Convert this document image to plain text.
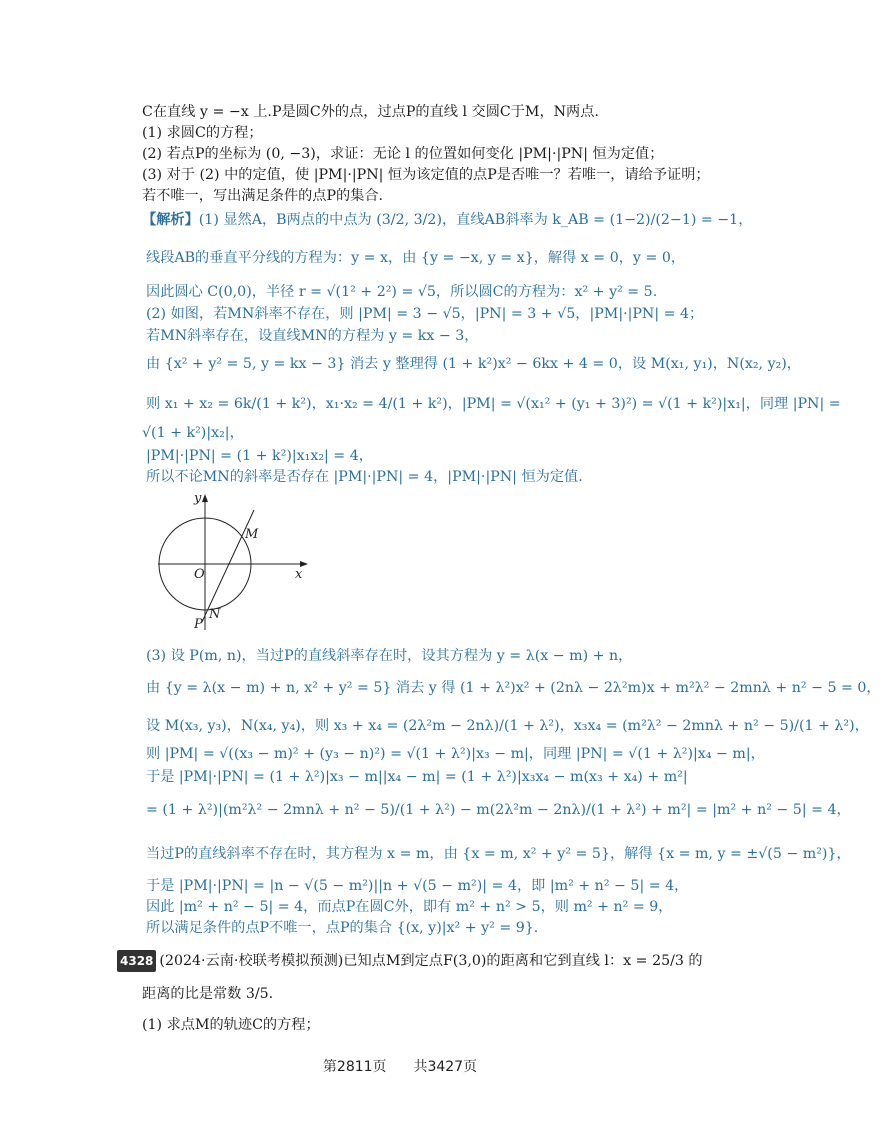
C在直线 y = −x 上.P是圆C外的点，过点P的直线 l 交圆C于M，N两点.
(1) 求圆C的方程；
(2) 若点P的坐标为 (0, −3)，求证：无论 l 的位置如何变化 |PM|·|PN| 恒为定值；
(3) 对于 (2) 中的定值，使 |PM|·|PN| 恒为该定值的点P是否唯一？若唯一，请给予证明；
若不唯一，写出满足条件的点P的集合.
【解析】(1) 显然A，B两点的中点为 (3/2, 3/2)，直线AB斜率为 k_AB = (1−2)/(2−1) = −1，
线段AB的垂直平分线的方程为：y = x，由 {y = −x, y = x}，解得 x = 0，y = 0，
因此圆心 C(0,0)，半径 r = √(1² + 2²) = √5，所以圆C的方程为：x² + y² = 5.
(2) 如图，若MN斜率不存在，则 |PM| = 3 − √5，|PN| = 3 + √5，|PM|·|PN| = 4；
若MN斜率存在，设直线MN的方程为 y = kx − 3，
由 {x² + y² = 5, y = kx − 3} 消去 y 整理得 (1 + k²)x² − 6kx + 4 = 0，设 M(x₁, y₁)，N(x₂, y₂)，
则 x₁ + x₂ = 6k/(1 + k²)，x₁·x₂ = 4/(1 + k²)，|PM| = √(x₁² + (y₁ + 3)²) = √(1 + k²)|x₁|，同理 |PN| =
√(1 + k²)|x₂|，
|PM|·|PN| = (1 + k²)|x₁x₂| = 4，
所以不论MN的斜率是否存在 |PM|·|PN| = 4，|PM|·|PN| 恒为定值.
y
x
O
M
N
P
(3) 设 P(m, n)，当过P的直线斜率存在时，设其方程为 y = λ(x − m) + n，
由 {y = λ(x − m) + n, x² + y² = 5} 消去 y 得 (1 + λ²)x² + (2nλ − 2λ²m)x + m²λ² − 2mnλ + n² − 5 = 0，
设 M(x₃, y₃)，N(x₄, y₄)，则 x₃ + x₄ = (2λ²m − 2nλ)/(1 + λ²)，x₃x₄ = (m²λ² − 2mnλ + n² − 5)/(1 + λ²)，
则 |PM| = √((x₃ − m)² + (y₃ − n)²) = √(1 + λ²)|x₃ − m|，同理 |PN| = √(1 + λ²)|x₄ − m|，
于是 |PM|·|PN| = (1 + λ²)|x₃ − m||x₄ − m| = (1 + λ²)|x₃x₄ − m(x₃ + x₄) + m²|
= (1 + λ²)|(m²λ² − 2mnλ + n² − 5)/(1 + λ²) − m(2λ²m − 2nλ)/(1 + λ²) + m²| = |m² + n² − 5| = 4，
当过P的直线斜率不存在时，其方程为 x = m，由 {x = m, x² + y² = 5}，解得 {x = m, y = ±√(5 − m²)}，
于是 |PM|·|PN| = |n − √(5 − m²)||n + √(5 − m²)| = 4，即 |m² + n² − 5| = 4，
因此 |m² + n² − 5| = 4，而点P在圆C外，即有 m² + n² > 5，则 m² + n² = 9，
所以满足条件的点P不唯一，点P的集合 {(x, y)|x² + y² = 9}.
4328 (2024·云南·校联考模拟预测)已知点M到定点F(3,0)的距离和它到直线 l：x = 25/3 的
距离的比是常数 3/5.
(1) 求点M的轨迹C的方程；
第2811页 共3427页
